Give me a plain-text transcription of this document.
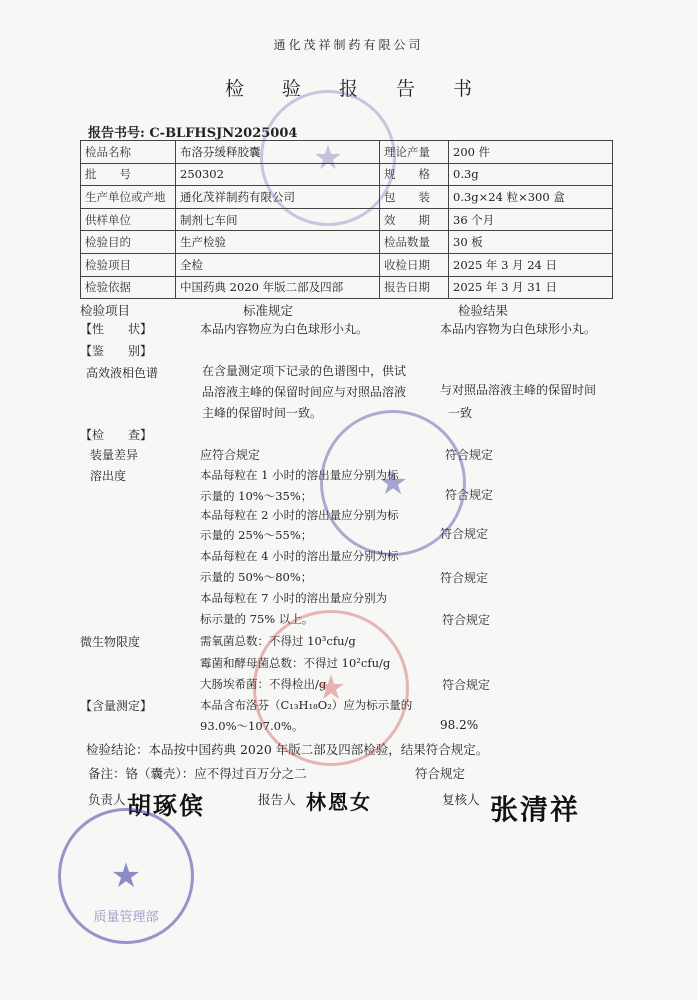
通化茂祥制药有限公司
检验报告书
报告书号: C-BLFHSJN2025004
检品名称	布洛芬缓释胶囊	理论产量	200 件
批　　号	250302	规　　格	0.3g
生产单位或产地	通化茂祥制药有限公司	包　　装	0.3g×24 粒×300 盒
供样单位	制剂七车间	效　　期	36 个月
检验目的	生产检验	检品数量	30 板
检验项目	全检	收检日期	2025 年 3 月 24 日
检验依据	中国药典 2020 年版二部及四部	报告日期	2025 年 3 月 31 日
检验项目	标准规定	检验结果
【性　　状】	本品内容物应为白色球形小丸。	本品内容物为白色球形小丸。
【鉴　　别】
高效液相色谱	在含量测定项下记录的色谱图中，供试
品溶液主峰的保留时间应与对照品溶液	与对照品溶液主峰的保留时间
主峰的保留时间一致。	一致
【检　　查】
装量差异	应符合规定	符合规定
溶出度	本品每粒在 1 小时的溶出量应分别为标
示量的 10%～35%；	符合规定
本品每粒在 2 小时的溶出量应分别为标
示量的 25%～55%；	符合规定
本品每粒在 4 小时的溶出量应分别为标
示量的 50%～80%；	符合规定
本品每粒在 7 小时的溶出量应分别为
标示量的 75% 以上。	符合规定
微生物限度	需氧菌总数：不得过 10³cfu/g
霉菌和酵母菌总数：不得过 10²cfu/g
大肠埃希菌：不得检出/g	符合规定
【含量测定】	本品含布洛芬（C₁₃H₁₈O₂）应为标示量的
93.0%～107.0%。	98.2%
检验结论：本品按中国药典 2020 年版二部及四部检验，结果符合规定。
备注：铬（囊壳）：应不得过百万分之二	符合规定
负责人 胡琢傧	报告人 林恩女	复核人 张清祥
★
★
★
★
质量管理部
